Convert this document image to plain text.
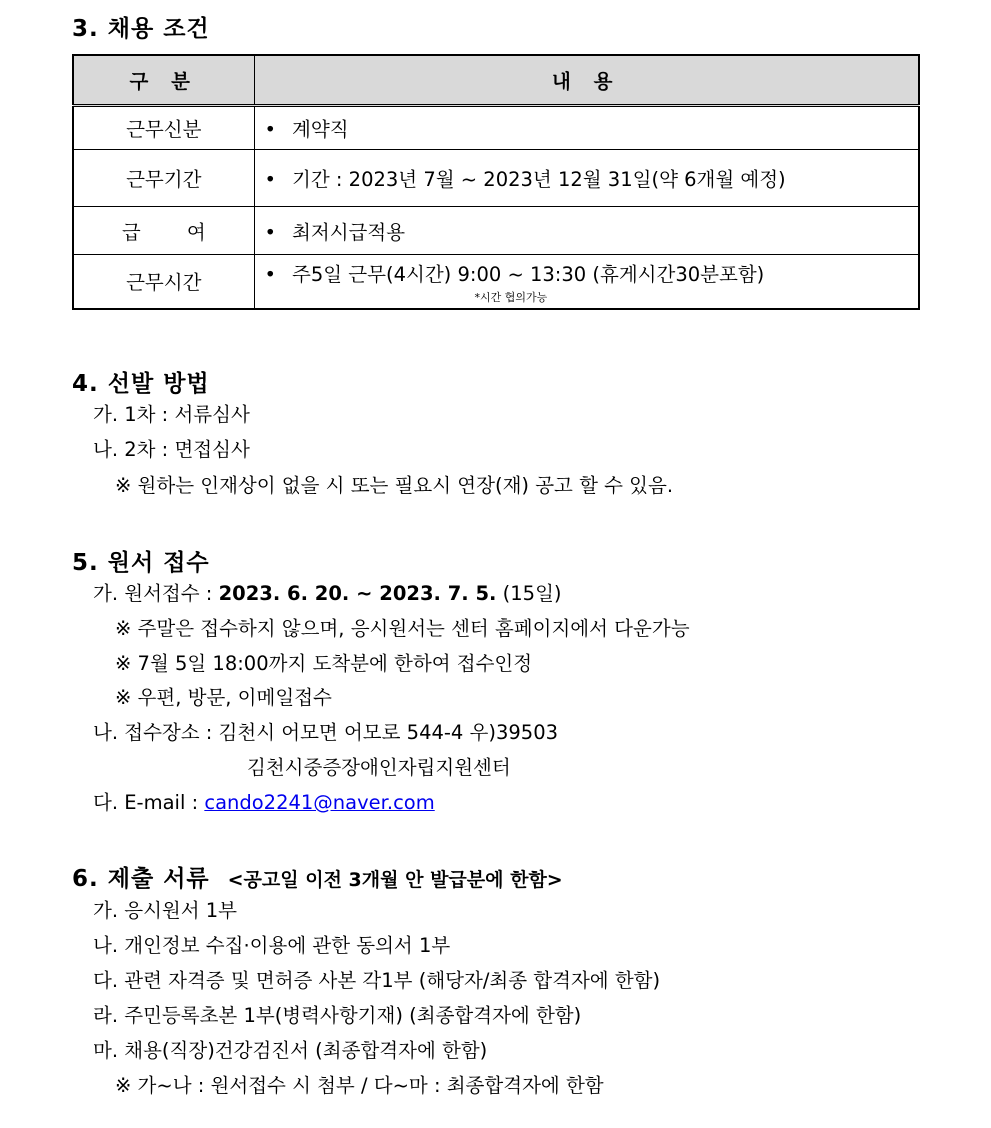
3. 채용 조건
구 분	내 용
근무신분	• 계약직
근무기간	• 기간 : 2023년 7월 ~ 2023년 12월 31일(약 6개월 예정)
급 여	• 최저시급적용
근무시간	• 주5일 근무(4시간) 9:00 ~ 13:30 (휴게시간30분포함)
*시간 협의가능
4. 선발 방법
가. 1차 : 서류심사
나. 2차 : 면접심사
※ 원하는 인재상이 없을 시 또는 필요시 연장(재) 공고 할 수 있음.
5. 원서 접수
가. 원서접수 : 2023. 6. 20. ~ 2023. 7. 5. (15일)
※ 주말은 접수하지 않으며, 응시원서는 센터 홈페이지에서 다운가능
※ 7월 5일 18:00까지 도착분에 한하여 접수인정
※ 우편, 방문, 이메일접수
나. 접수장소 : 김천시 어모면 어모로 544-4 우)39503
김천시중증장애인자립지원센터
다. E-mail : cando2241@naver.com
6. 제출 서류 <공고일 이전 3개월 안 발급분에 한함>
가. 응시원서 1부
나. 개인정보 수집·이용에 관한 동의서 1부
다. 관련 자격증 및 면허증 사본 각1부 (해당자/최종 합격자에 한함)
라. 주민등록초본 1부(병력사항기재) (최종합격자에 한함)
마. 채용(직장)건강검진서 (최종합격자에 한함)
※ 가~나 : 원서접수 시 첨부 / 다~마 : 최종합격자에 한함
